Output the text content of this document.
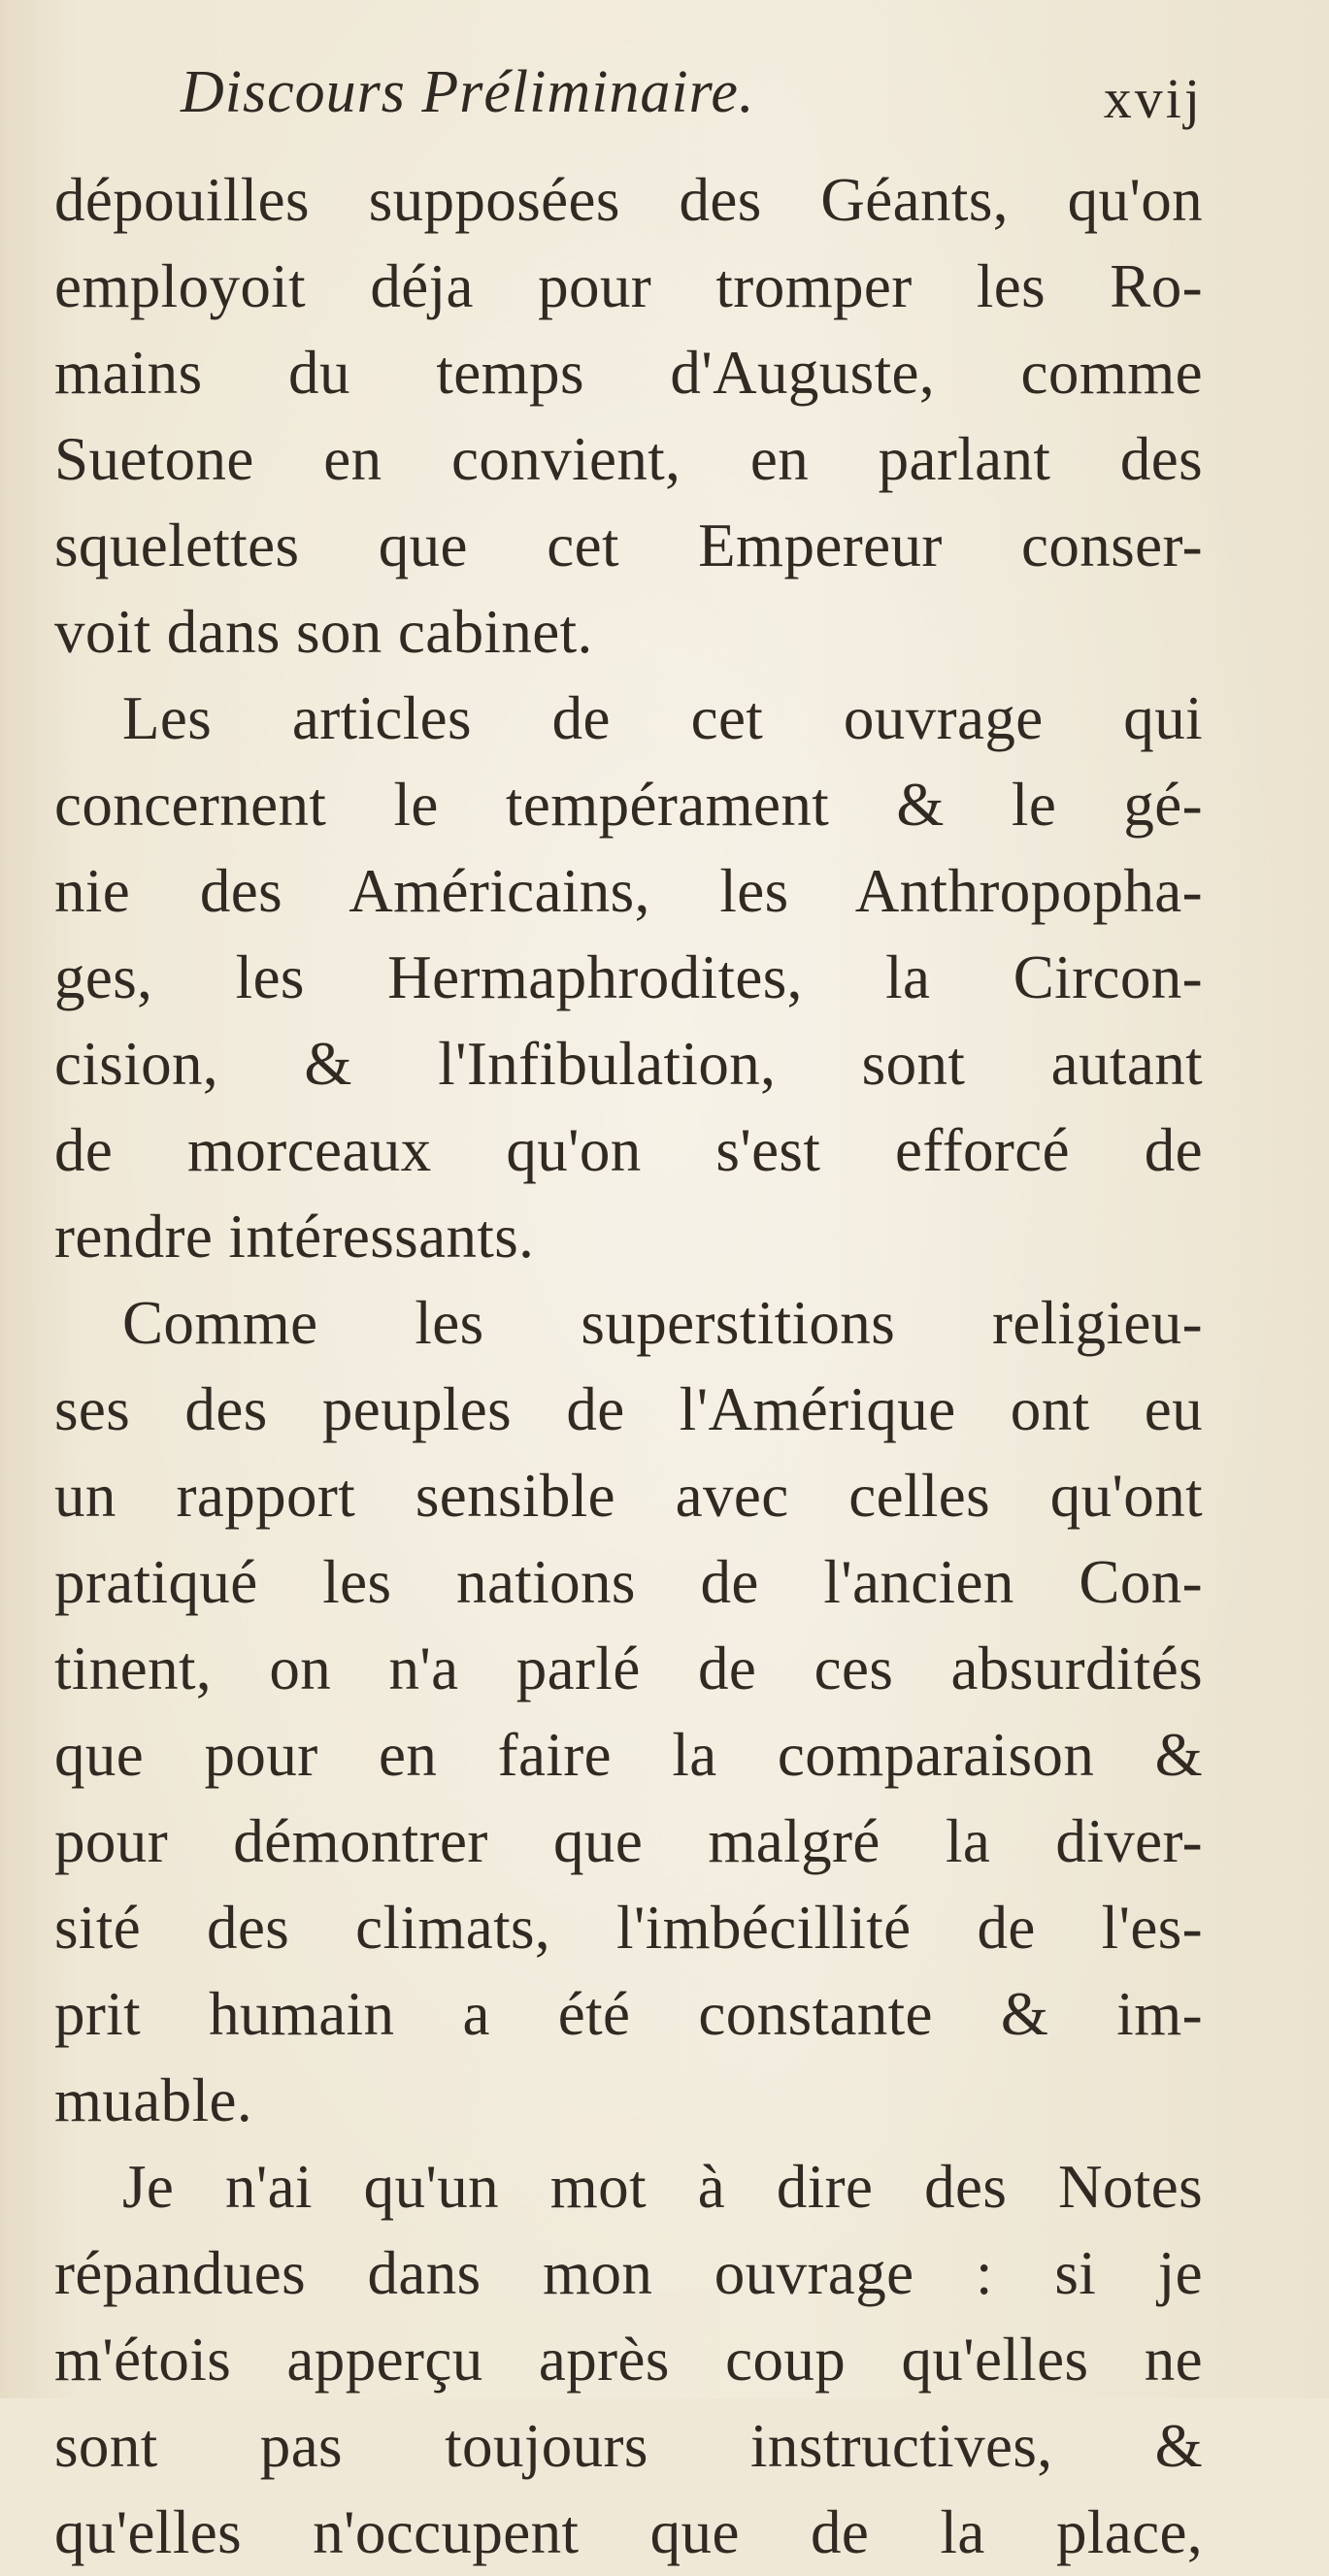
Discours Préliminaire.	xvij
dépouilles supposées des Géants, qu'on
employoit déja pour tromper les Ro-
mains du temps d'Auguste, comme
Suetone en convient, en parlant des
squelettes que cet Empereur conser-
voit dans son cabinet.
Les articles de cet ouvrage qui
concernent le tempérament & le gé-
nie des Américains, les Anthropopha-
ges, les Hermaphrodites, la Circon-
cision, & l'Infibulation, sont autant
de morceaux qu'on s'est efforcé de
rendre intéressants.
Comme les superstitions religieu-
ses des peuples de l'Amérique ont eu
un rapport sensible avec celles qu'ont
pratiqué les nations de l'ancien Con-
tinent, on n'a parlé de ces absurdités
que pour en faire la comparaison &
pour démontrer que malgré la diver-
sité des climats, l'imbécillité de l'es-
prit humain a été constante & im-
muable.
Je n'ai qu'un mot à dire des Notes
répandues dans mon ouvrage : si je
m'étois apperçu après coup qu'elles ne
sont pas toujours instructives, &
qu'elles n'occupent que de la place,
